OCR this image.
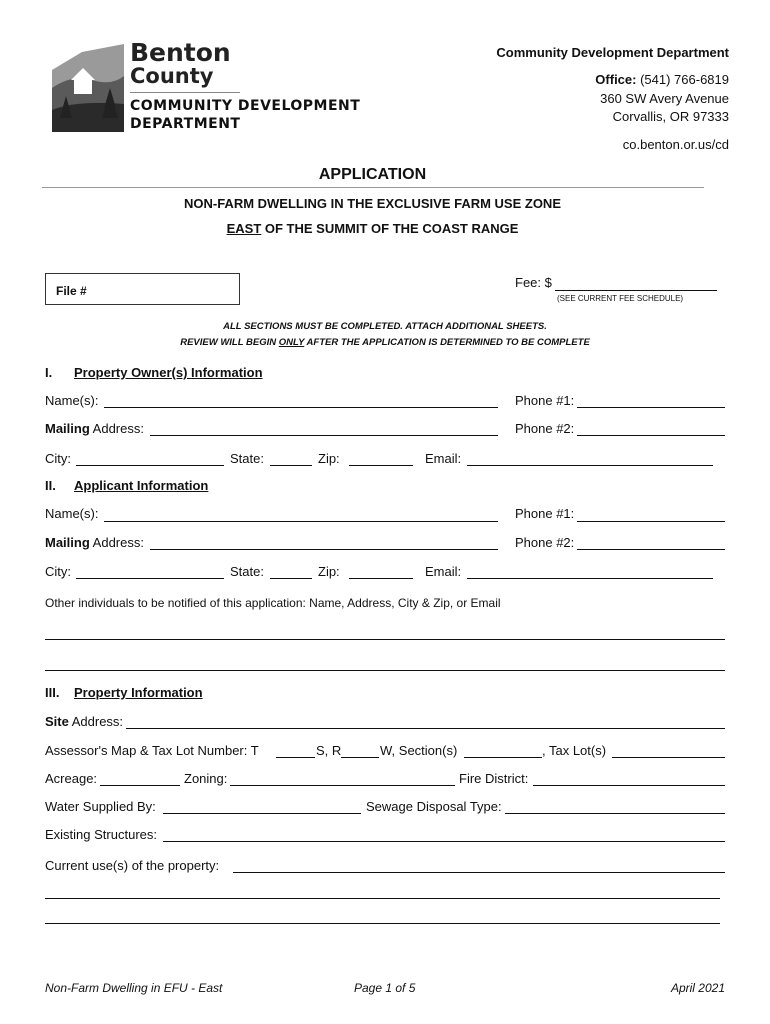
Benton
County
COMMUNITY DEVELOPMENT
DEPARTMENT
Community Development Department
Office: (541) 766-6819
360 SW Avery Avenue
Corvallis, OR 97333
co.benton.or.us/cd
APPLICATION
NON-FARM DWELLING IN THE EXCLUSIVE FARM USE ZONE
EAST OF THE SUMMIT OF THE COAST RANGE
File #
Fee: $
(SEE CURRENT FEE SCHEDULE)
ALL SECTIONS MUST BE COMPLETED. ATTACH ADDITIONAL SHEETS.
REVIEW WILL BEGIN ONLY AFTER THE APPLICATION IS DETERMINED TO BE COMPLETE
I. Property Owner(s) Information
Name(s):	Phone #1:
Mailing Address:	Phone #2:
City:	State:	Zip:	Email:
II. Applicant Information
Name(s):	Phone #1:
Mailing Address:	Phone #2:
City:	State:	Zip:	Email:
Other individuals to be notified of this application: Name, Address, City & Zip, or Email
III. Property Information
Site Address:
Assessor's Map & Tax Lot Number: T	S, R	W, Section(s)	, Tax Lot(s)
Acreage:	Zoning:	Fire District:
Water Supplied By:	Sewage Disposal Type:
Existing Structures:
Current use(s) of the property:
Non-Farm Dwelling in EFU - East	Page 1 of 5	April 2021
